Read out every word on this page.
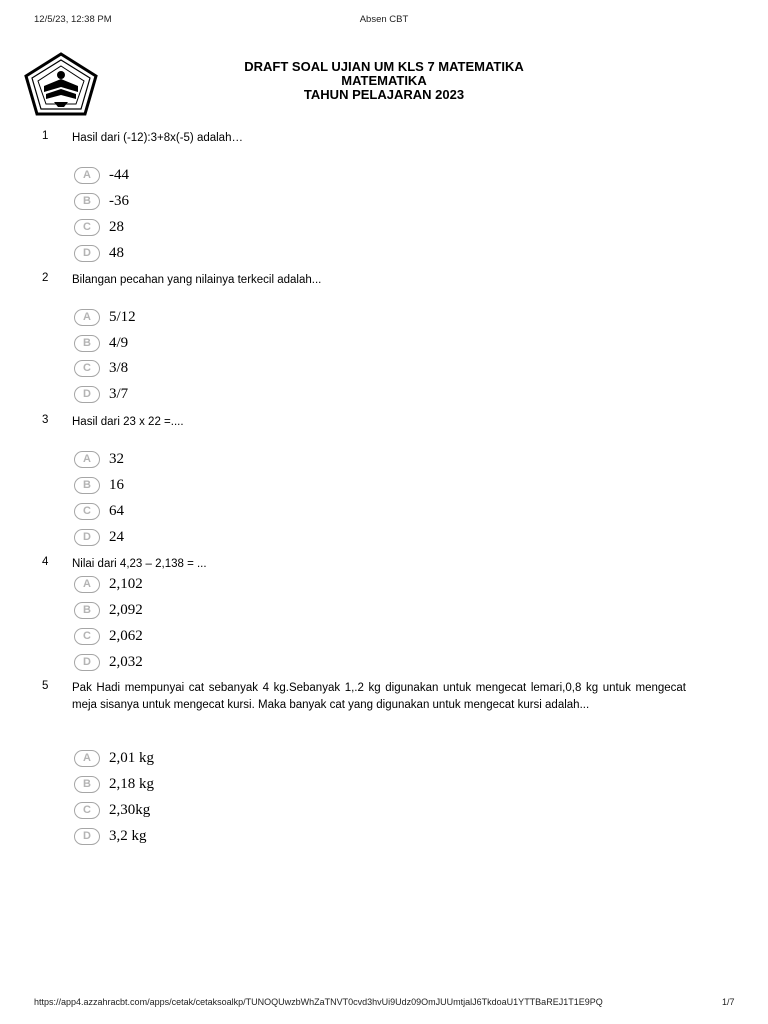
12/5/23, 12:38 PM	Absen CBT
DRAFT SOAL UJIAN UM KLS 7 MATEMATIKA
MATEMATIKA
TAHUN PELAJARAN 2023
1 Hasil dari (-12):3+8x(-5) adalah…
A	-44
B	-36
C	28
D	48
2 Bilangan pecahan yang nilainya terkecil adalah...
A	5/12
B	4/9
C	3/8
D	3/7
3 Hasil dari 23 x 22 =....
A	32
B	16
C	64
D	24
4 Nilai dari 4,23 – 2,138 = ...
A	2,102
B	2,092
C	2,062
D	2,032
5 Pak Hadi mempunyai cat sebanyak 4 kg.Sebanyak 1,.2 kg digunakan untuk mengecat lemari,0,8 kg untuk mengecat meja sisanya untuk mengecat kursi. Maka banyak cat yang digunakan untuk mengecat kursi adalah...
A	2,01 kg
B	2,18 kg
C	2,30kg
D	3,2 kg
https://app4.azzahracbt.com/apps/cetak/cetaksoalkp/TUNOQUwzbWhZaTNVT0cvd3hvUi9Udz09OmJUUmtjalJ6TkdoaU1YTTBaREJ1T1E9PQ	1/7
